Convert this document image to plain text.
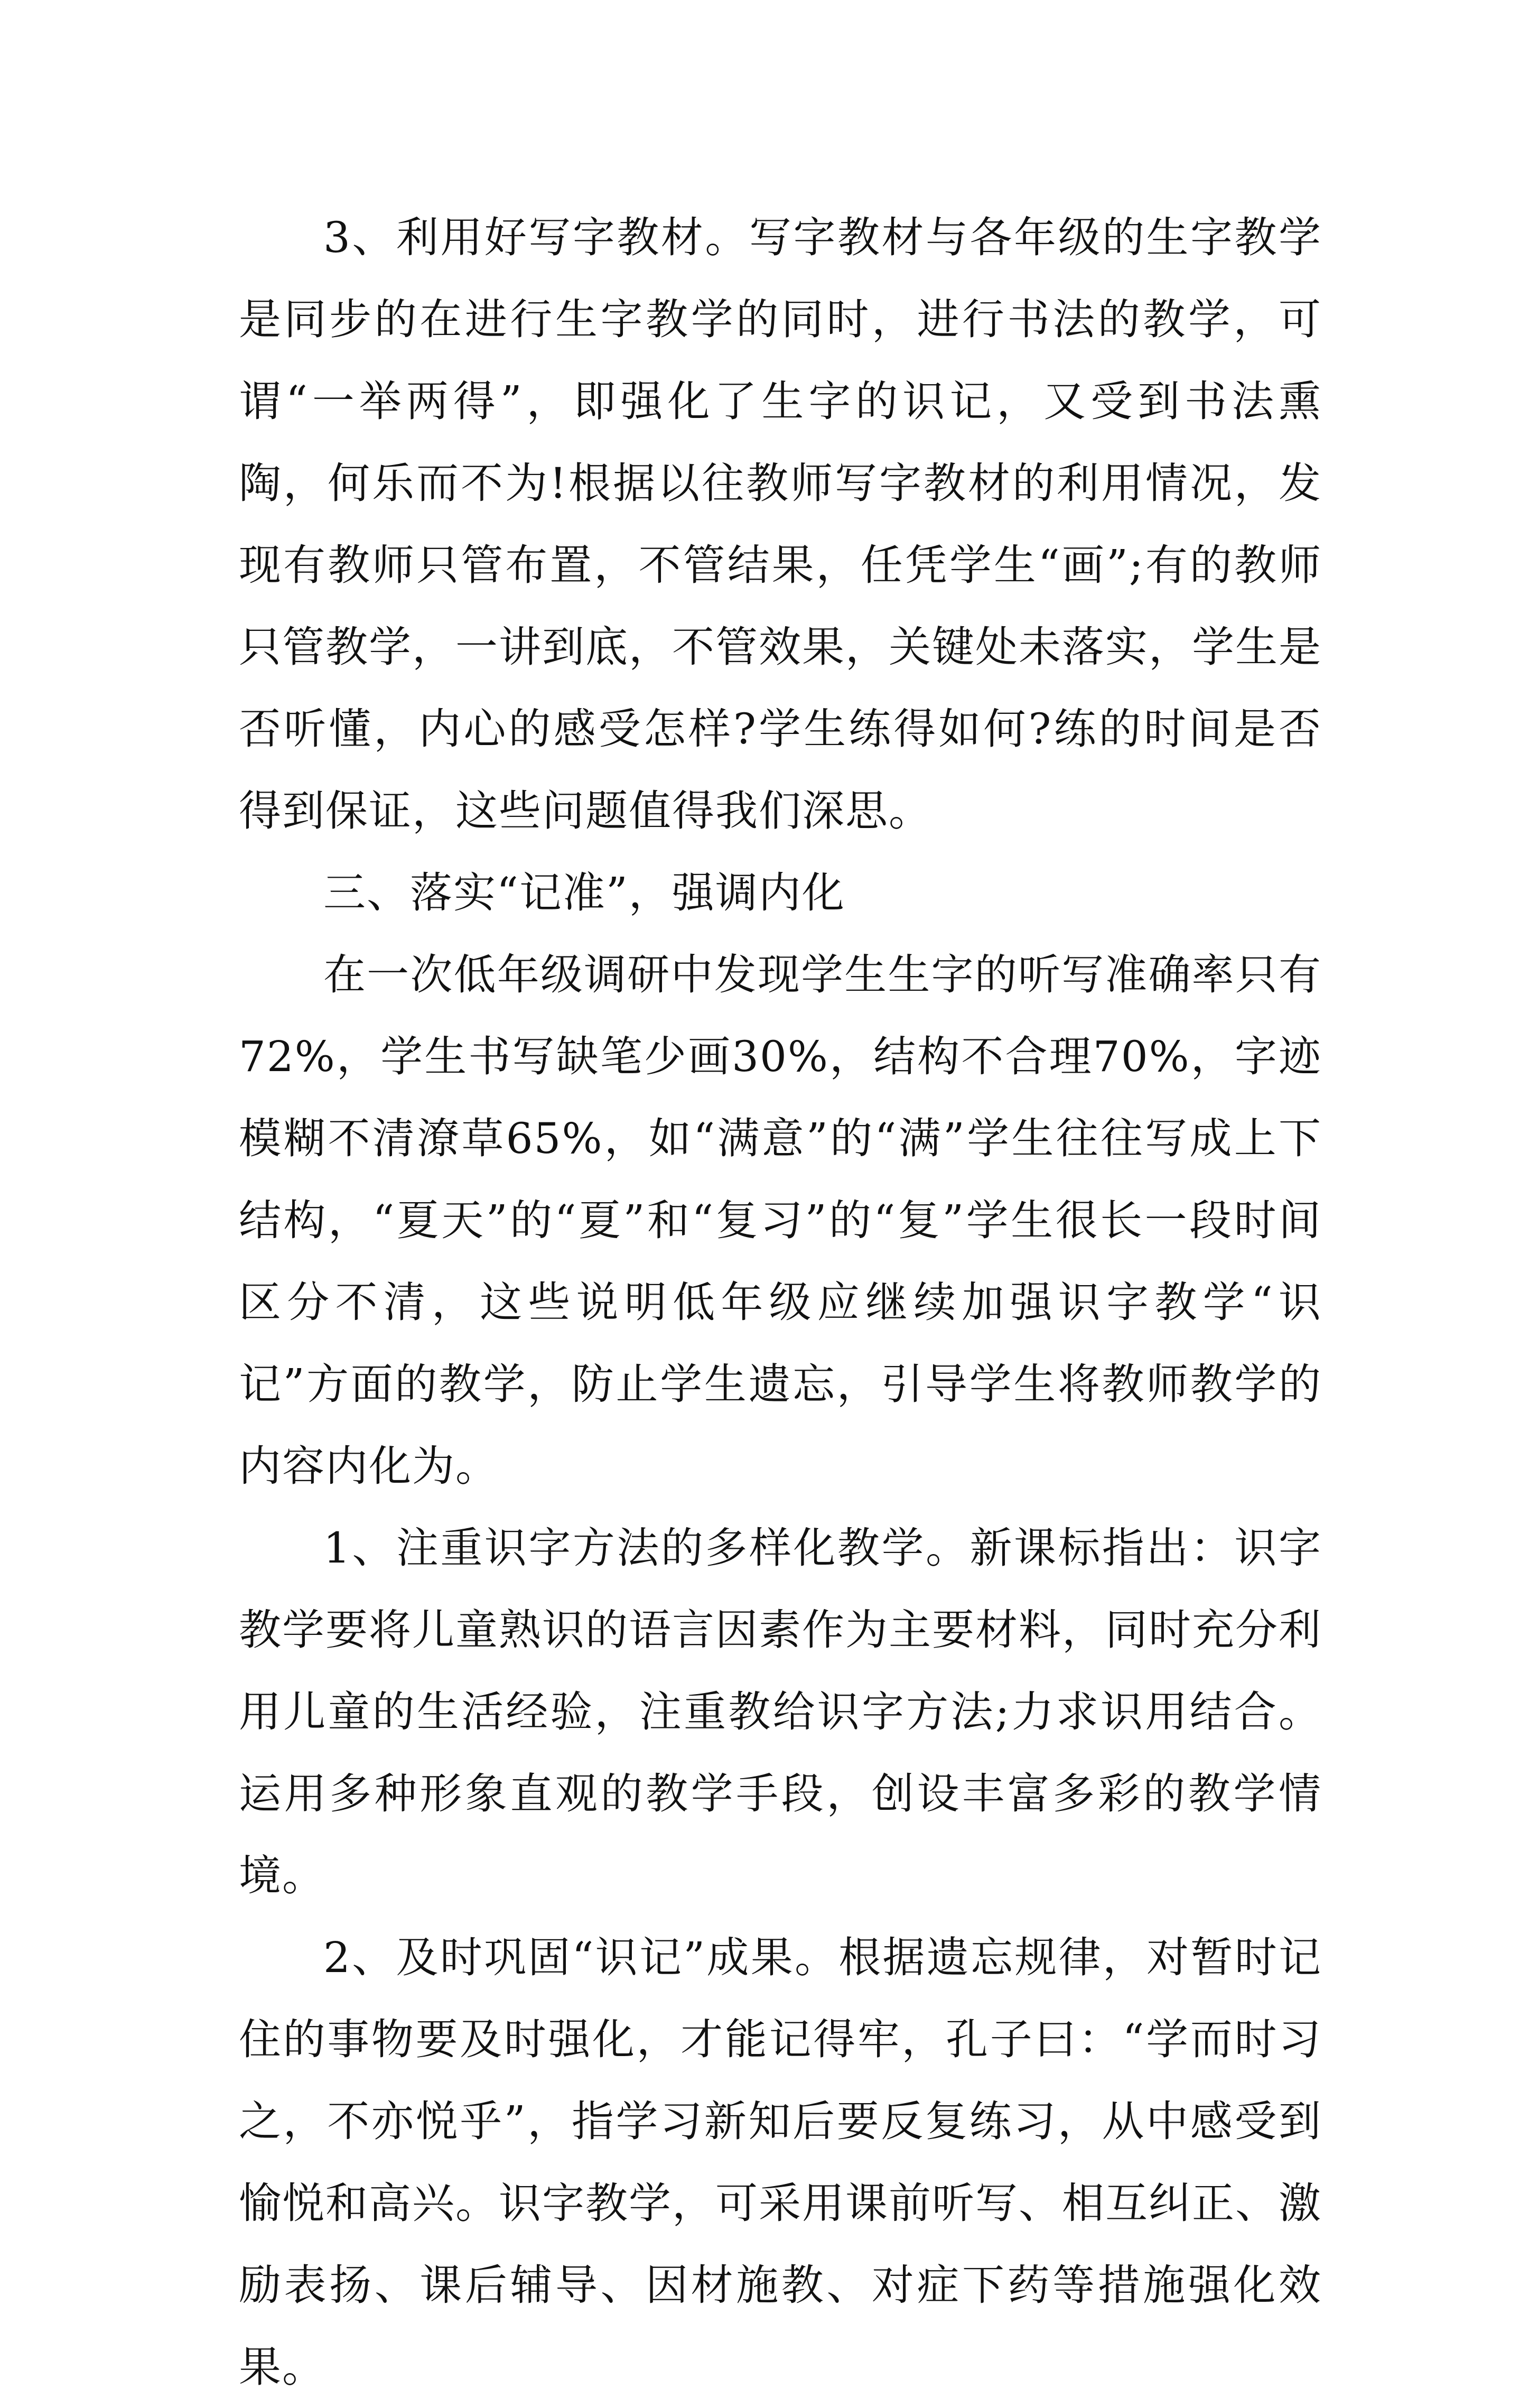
3、利用好写字教材。写字教材与各年级的生字教学是同步的在进行生字教学的同时，进行书法的教学，可谓“一举两得”，即强化了生字的识记，又受到书法熏陶，何乐而不为!根据以往教师写字教材的利用情况，发现有教师只管布置，不管结果，任凭学生“画”;有的教师只管教学，一讲到底，不管效果，关键处未落实，学生是否听懂，内心的感受怎样?学生练得如何?练的时间是否得到保证，这些问题值得我们深思。

三、落实“记准”，强调内化

在一次低年级调研中发现学生生字的听写准确率只有72%，学生书写缺笔少画30%，结构不合理70%，字迹模糊不清潦草65%，如“满意”的“满”学生往往写成上下结构，“夏天”的“夏”和“复习”的“复”学生很长一段时间区分不清，这些说明低年级应继续加强识字教学“识记”方面的教学，防止学生遗忘，引导学生将教师教学的内容内化为。

1、注重识字方法的多样化教学。新课标指出：识字教学要将儿童熟识的语言因素作为主要材料，同时充分利用儿童的生活经验，注重教给识字方法;力求识用结合。运用多种形象直观的教学手段，创设丰富多彩的教学情境。

2、及时巩固“识记”成果。根据遗忘规律，对暂时记住的事物要及时强化，才能记得牢，孔子曰：“学而时习之，不亦悦乎”，指学习新知后要反复练习，从中感受到愉悦和高兴。识字教学，可采用课前听写、相互纠正、激励表扬、课后辅导、因材施教、对症下药等措施强化效果。
